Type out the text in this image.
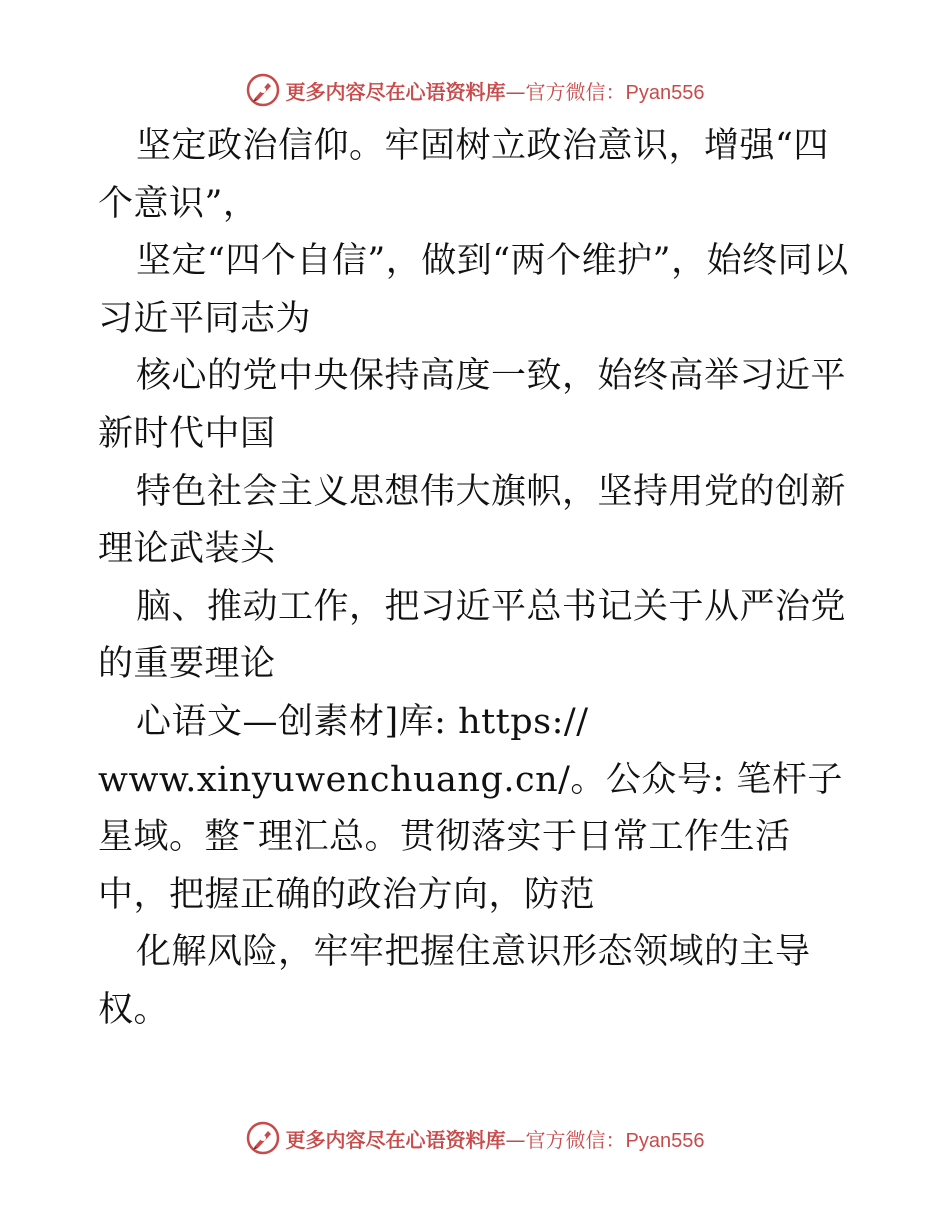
更多内容尽在心语资料库—官方微信：Pyan556

坚定政治信仰。牢固树立政治意识，增强“四个意识”，

坚定“四个自信”，做到“两个维护”，始终同以习近平同志为

核心的党中央保持高度一致，始终高举习近平新时代中国

特色社会主义思想伟大旗帜，坚持用党的创新理论武装头

脑、推动工作，把习近平总书记关于从严治党的重要理论

心语文—创素材]库: https://

www.xinyuwenchuang.cn/。公众号: 笔杆子星域。整¯理汇总。贯彻落实于日常工作生活中，把握正确的政治方向，防范

化解风险，牢牢把握住意识形态领域的主导权。

更多内容尽在心语资料库—官方微信：Pyan556
